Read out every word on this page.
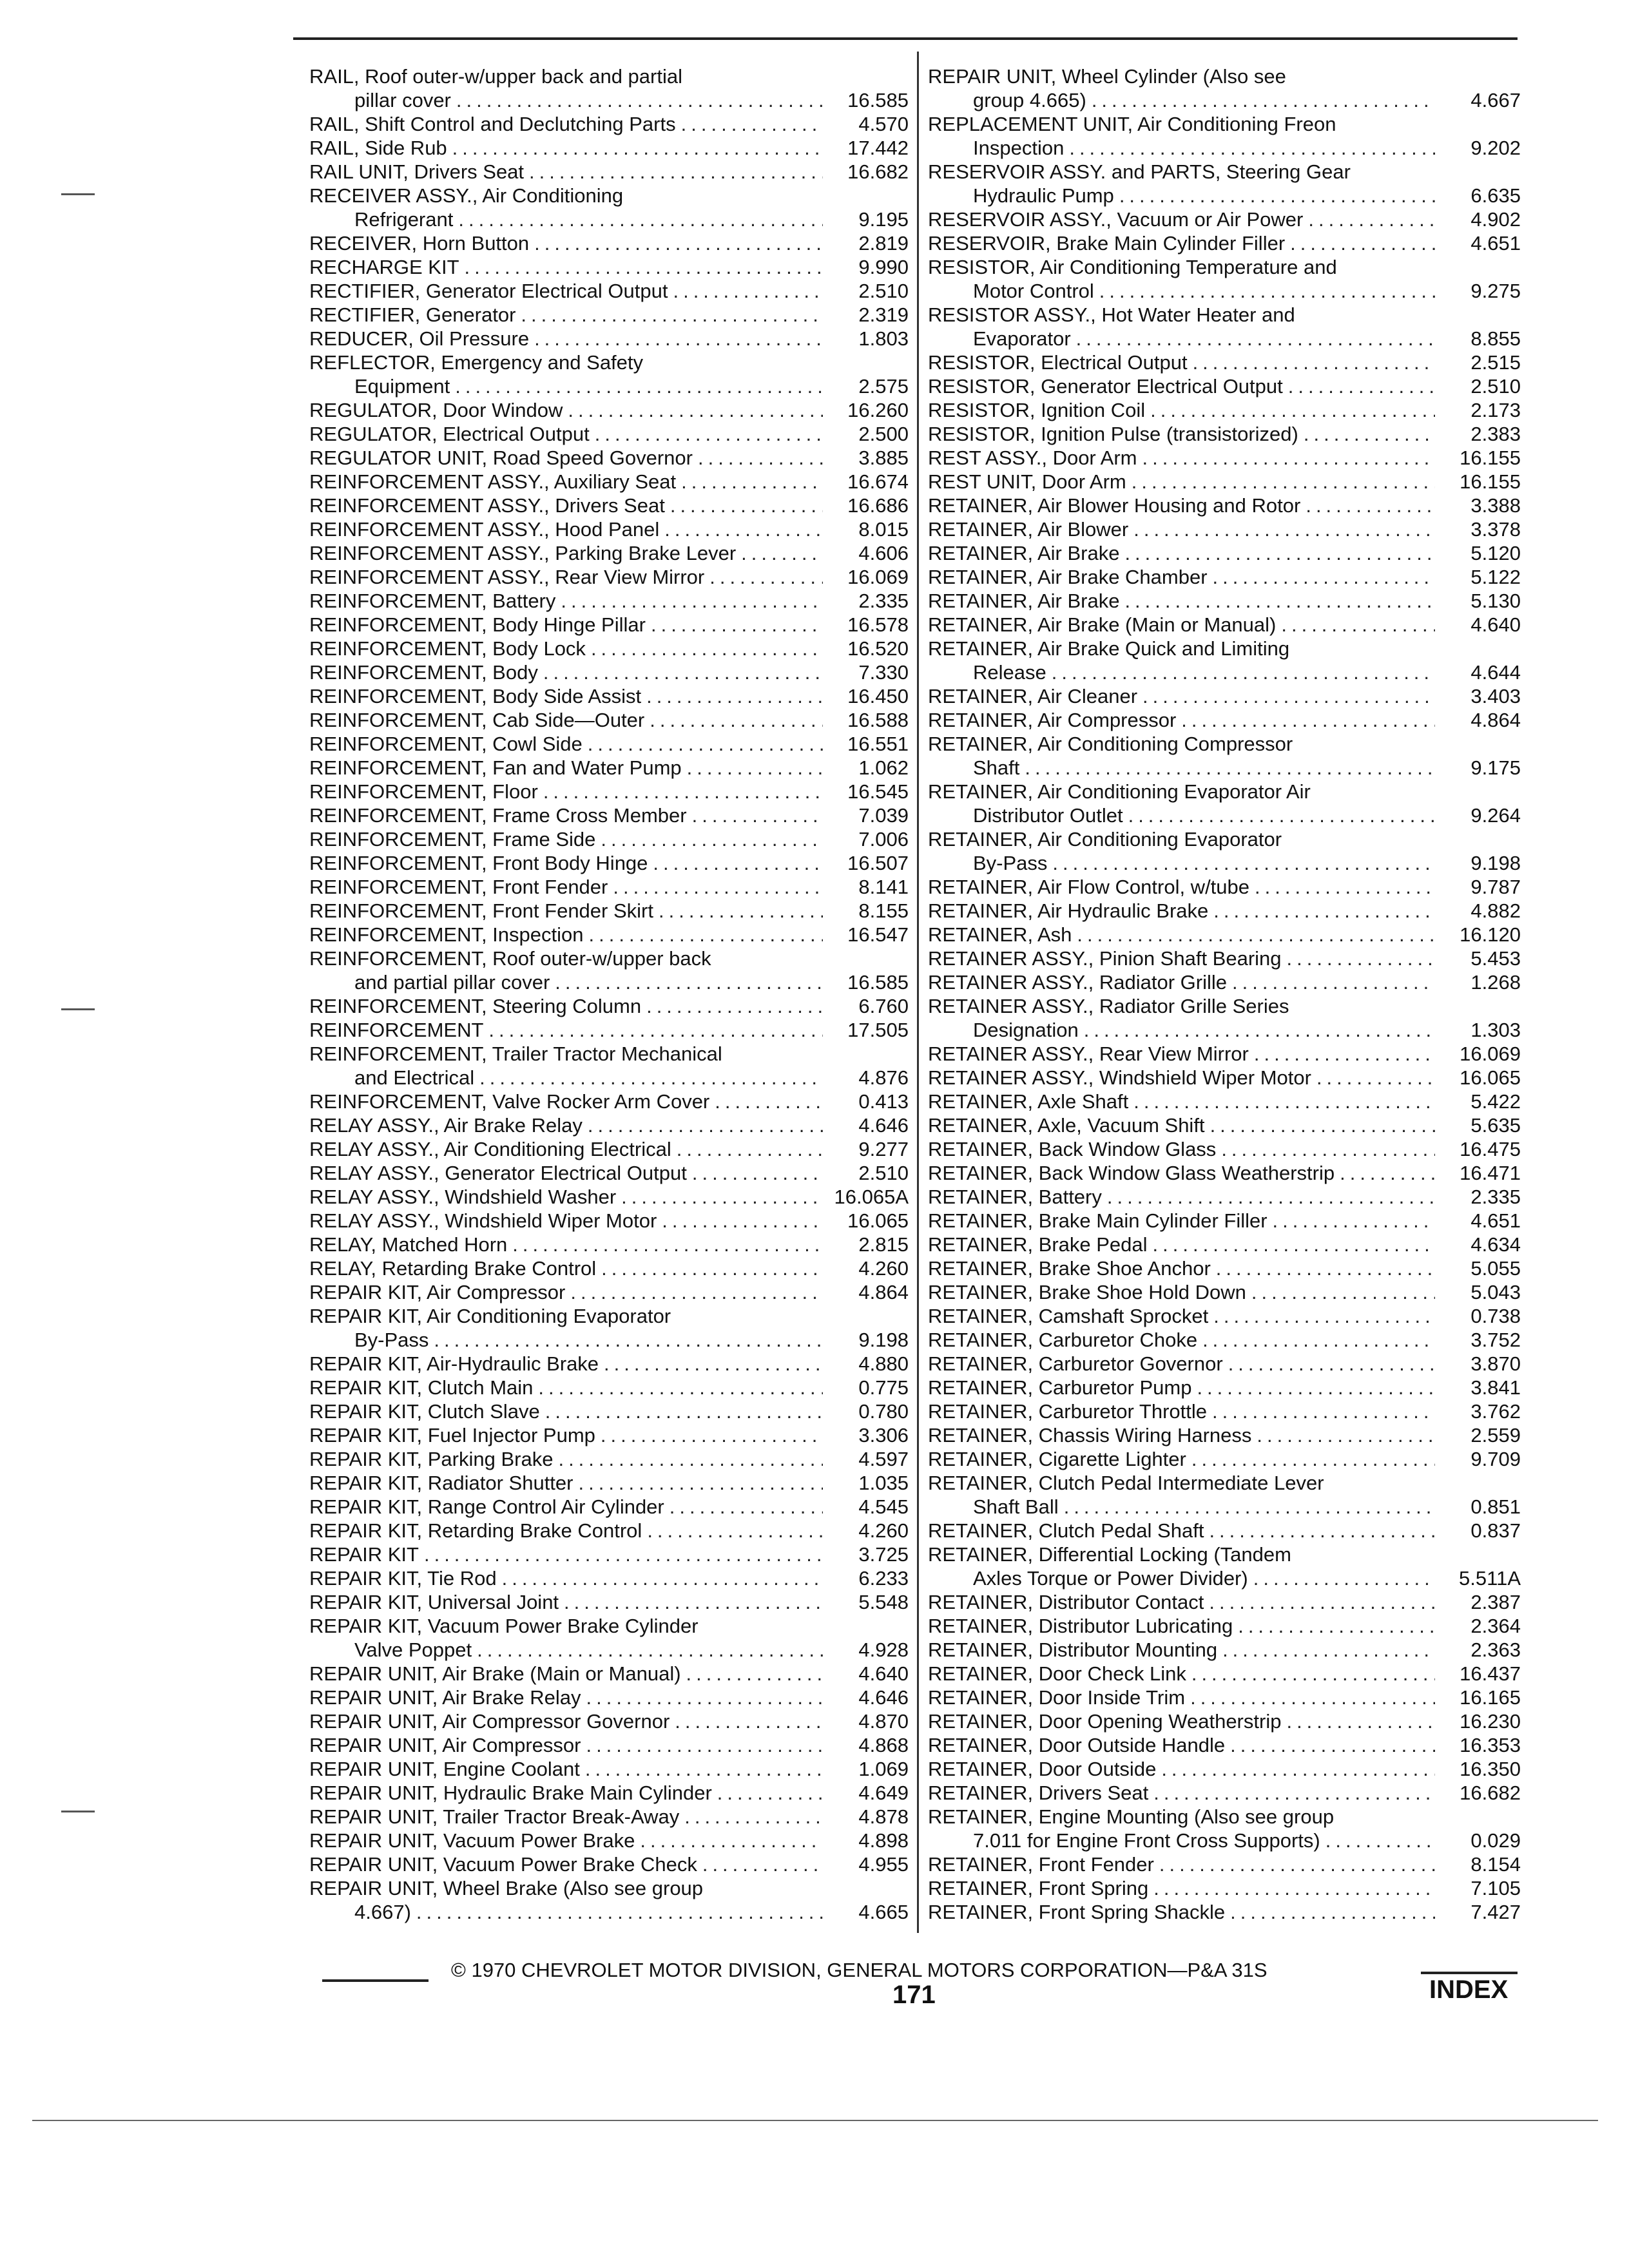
RAIL, Roof outer-w/upper back and partial
pillar cover .....	16.585
RAIL, Shift Control and Declutching Parts .....	4.570
RAIL, Side Rub .....	17.442
RAIL UNIT, Drivers Seat .....	16.682
RECEIVER ASSY., Air Conditioning
Refrigerant .....	9.195
RECEIVER, Horn Button .....	2.819
RECHARGE KIT .....	9.990
RECTIFIER, Generator Electrical Output .....	2.510
RECTIFIER, Generator .....	2.319
REDUCER, Oil Pressure .....	1.803
REFLECTOR, Emergency and Safety
Equipment .....	2.575
REGULATOR, Door Window .....	16.260
REGULATOR, Electrical Output .....	2.500
REGULATOR UNIT, Road Speed Governor .....	3.885
REINFORCEMENT ASSY., Auxiliary Seat .....	16.674
REINFORCEMENT ASSY., Drivers Seat .....	16.686
REINFORCEMENT ASSY., Hood Panel .....	8.015
REINFORCEMENT ASSY., Parking Brake Lever .....	4.606
REINFORCEMENT ASSY., Rear View Mirror .....	16.069
REINFORCEMENT, Battery .....	2.335
REINFORCEMENT, Body Hinge Pillar .....	16.578
REINFORCEMENT, Body Lock .....	16.520
REINFORCEMENT, Body .....	7.330
REINFORCEMENT, Body Side Assist .....	16.450
REINFORCEMENT, Cab Side—Outer .....	16.588
REINFORCEMENT, Cowl Side .....	16.551
REINFORCEMENT, Fan and Water Pump .....	1.062
REINFORCEMENT, Floor .....	16.545
REINFORCEMENT, Frame Cross Member .....	7.039
REINFORCEMENT, Frame Side .....	7.006
REINFORCEMENT, Front Body Hinge .....	16.507
REINFORCEMENT, Front Fender .....	8.141
REINFORCEMENT, Front Fender Skirt .....	8.155
REINFORCEMENT, Inspection .....	16.547
REINFORCEMENT, Roof outer-w/upper back
and partial pillar cover .....	16.585
REINFORCEMENT, Steering Column .....	6.760
REINFORCEMENT .....	17.505
REINFORCEMENT, Trailer Tractor Mechanical
and Electrical .....	4.876
REINFORCEMENT, Valve Rocker Arm Cover .....	0.413
RELAY ASSY., Air Brake Relay .....	4.646
RELAY ASSY., Air Conditioning Electrical .....	9.277
RELAY ASSY., Generator Electrical Output .....	2.510
RELAY ASSY., Windshield Washer .....	16.065A
RELAY ASSY., Windshield Wiper Motor .....	16.065
RELAY, Matched Horn .....	2.815
RELAY, Retarding Brake Control .....	4.260
REPAIR KIT, Air Compressor .....	4.864
REPAIR KIT, Air Conditioning Evaporator
By-Pass .....	9.198
REPAIR KIT, Air-Hydraulic Brake .....	4.880
REPAIR KIT, Clutch Main .....	0.775
REPAIR KIT, Clutch Slave .....	0.780
REPAIR KIT, Fuel Injector Pump .....	3.306
REPAIR KIT, Parking Brake .....	4.597
REPAIR KIT, Radiator Shutter .....	1.035
REPAIR KIT, Range Control Air Cylinder .....	4.545
REPAIR KIT, Retarding Brake Control .....	4.260
REPAIR KIT .....	3.725
REPAIR KIT, Tie Rod .....	6.233
REPAIR KIT, Universal Joint .....	5.548
REPAIR KIT, Vacuum Power Brake Cylinder
Valve Poppet .....	4.928
REPAIR UNIT, Air Brake (Main or Manual) .....	4.640
REPAIR UNIT, Air Brake Relay .....	4.646
REPAIR UNIT, Air Compressor Governor .....	4.870
REPAIR UNIT, Air Compressor .....	4.868
REPAIR UNIT, Engine Coolant .....	1.069
REPAIR UNIT, Hydraulic Brake Main Cylinder .....	4.649
REPAIR UNIT, Trailer Tractor Break-Away .....	4.878
REPAIR UNIT, Vacuum Power Brake .....	4.898
REPAIR UNIT, Vacuum Power Brake Check .....	4.955
REPAIR UNIT, Wheel Brake (Also see group
4.667) .....	4.665
REPAIR UNIT, Wheel Cylinder (Also see
group 4.665) .....	4.667
REPLACEMENT UNIT, Air Conditioning Freon
Inspection .....	9.202
RESERVOIR ASSY. and PARTS, Steering Gear
Hydraulic Pump .....	6.635
RESERVOIR ASSY., Vacuum or Air Power .....	4.902
RESERVOIR, Brake Main Cylinder Filler .....	4.651
RESISTOR, Air Conditioning Temperature and
Motor Control .....	9.275
RESISTOR ASSY., Hot Water Heater and
Evaporator .....	8.855
RESISTOR, Electrical Output .....	2.515
RESISTOR, Generator Electrical Output .....	2.510
RESISTOR, Ignition Coil .....	2.173
RESISTOR, Ignition Pulse (transistorized) .....	2.383
REST ASSY., Door Arm .....	16.155
REST UNIT, Door Arm .....	16.155
RETAINER, Air Blower Housing and Rotor .....	3.388
RETAINER, Air Blower .....	3.378
RETAINER, Air Brake .....	5.120
RETAINER, Air Brake Chamber .....	5.122
RETAINER, Air Brake .....	5.130
RETAINER, Air Brake (Main or Manual) .....	4.640
RETAINER, Air Brake Quick and Limiting
Release .....	4.644
RETAINER, Air Cleaner .....	3.403
RETAINER, Air Compressor .....	4.864
RETAINER, Air Conditioning Compressor
Shaft .....	9.175
RETAINER, Air Conditioning Evaporator Air
Distributor Outlet .....	9.264
RETAINER, Air Conditioning Evaporator
By-Pass .....	9.198
RETAINER, Air Flow Control, w/tube .....	9.787
RETAINER, Air Hydraulic Brake .....	4.882
RETAINER, Ash .....	16.120
RETAINER ASSY., Pinion Shaft Bearing .....	5.453
RETAINER ASSY., Radiator Grille .....	1.268
RETAINER ASSY., Radiator Grille Series
Designation .....	1.303
RETAINER ASSY., Rear View Mirror .....	16.069
RETAINER ASSY., Windshield Wiper Motor .....	16.065
RETAINER, Axle Shaft .....	5.422
RETAINER, Axle, Vacuum Shift .....	5.635
RETAINER, Back Window Glass .....	16.475
RETAINER, Back Window Glass Weatherstrip .....	16.471
RETAINER, Battery .....	2.335
RETAINER, Brake Main Cylinder Filler .....	4.651
RETAINER, Brake Pedal .....	4.634
RETAINER, Brake Shoe Anchor .....	5.055
RETAINER, Brake Shoe Hold Down .....	5.043
RETAINER, Camshaft Sprocket .....	0.738
RETAINER, Carburetor Choke .....	3.752
RETAINER, Carburetor Governor .....	3.870
RETAINER, Carburetor Pump .....	3.841
RETAINER, Carburetor Throttle .....	3.762
RETAINER, Chassis Wiring Harness .....	2.559
RETAINER, Cigarette Lighter .....	9.709
RETAINER, Clutch Pedal Intermediate Lever
Shaft Ball .....	0.851
RETAINER, Clutch Pedal Shaft .....	0.837
RETAINER, Differential Locking (Tandem
Axles Torque or Power Divider) .....	5.511A
RETAINER, Distributor Contact .....	2.387
RETAINER, Distributor Lubricating .....	2.364
RETAINER, Distributor Mounting .....	2.363
RETAINER, Door Check Link .....	16.437
RETAINER, Door Inside Trim .....	16.165
RETAINER, Door Opening Weatherstrip .....	16.230
RETAINER, Door Outside Handle .....	16.353
RETAINER, Door Outside .....	16.350
RETAINER, Drivers Seat .....	16.682
RETAINER, Engine Mounting (Also see group
7.011 for Engine Front Cross Supports) .....	0.029
RETAINER, Front Fender .....	8.154
RETAINER, Front Spring .....	7.105
RETAINER, Front Spring Shackle .....	7.427
© 1970 CHEVROLET MOTOR DIVISION, GENERAL MOTORS CORPORATION—P&A 31S
171	INDEX
